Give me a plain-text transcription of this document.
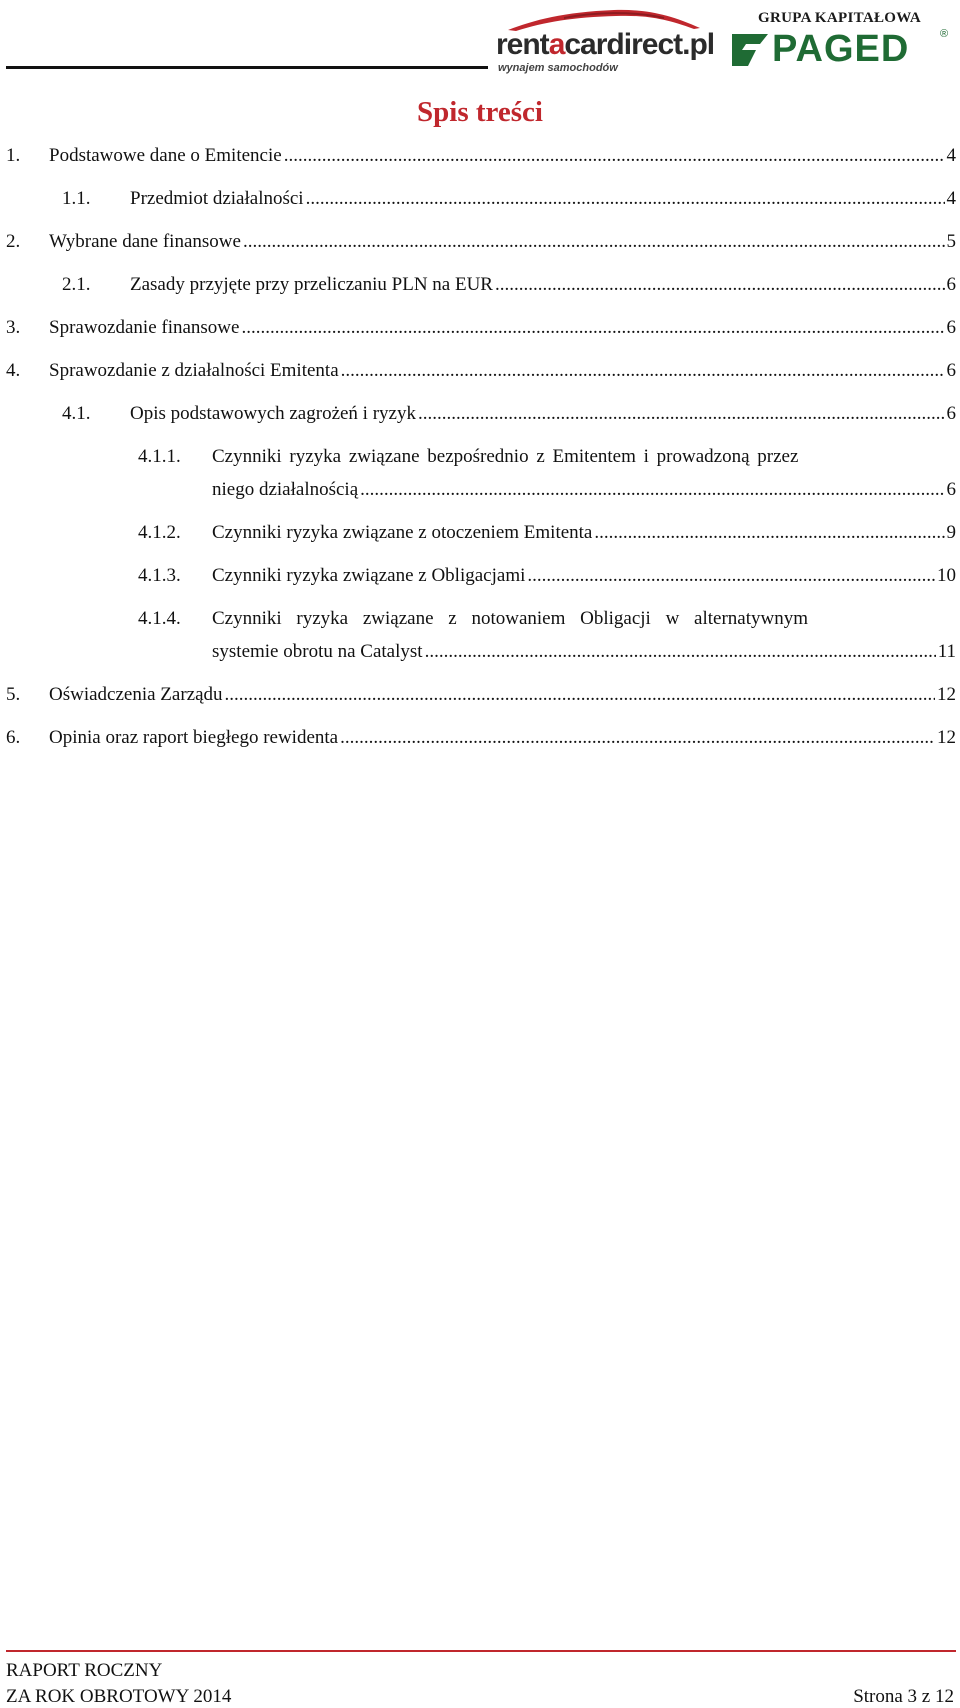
rentacardirect.pl
wynajem samochodów
GRUPA KAPITAŁOWA
PAGED	®
Spis treści
1.	Podstawowe dane o Emitencie .....	4
1.1.	Przedmiot działalności .....	4
2.	Wybrane dane finansowe .....	5
2.1.	Zasady przyjęte przy przeliczaniu PLN na EUR .....	6
3.	Sprawozdanie finansowe .....	6
4.	Sprawozdanie z działalności Emitenta .....	6
4.1.	Opis podstawowych zagrożeń i ryzyk .....	6
4.1.1.	Czynniki ryzyka związane bezpośrednio z Emitentem i prowadzoną przez
niego działalnością .....	6
4.1.2.	Czynniki ryzyka związane z otoczeniem Emitenta .....	9
4.1.3.	Czynniki ryzyka związane z Obligacjami .....	10
4.1.4.	Czynniki ryzyka związane z notowaniem Obligacji w alternatywnym
systemie obrotu na Catalyst .....	11
5.	Oświadczenia Zarządu .....	12
6.	Opinia oraz raport biegłego rewidenta .....	12
RAPORT ROCZNY
ZA ROK OBROTOWY 2014	Strona 3 z 12
